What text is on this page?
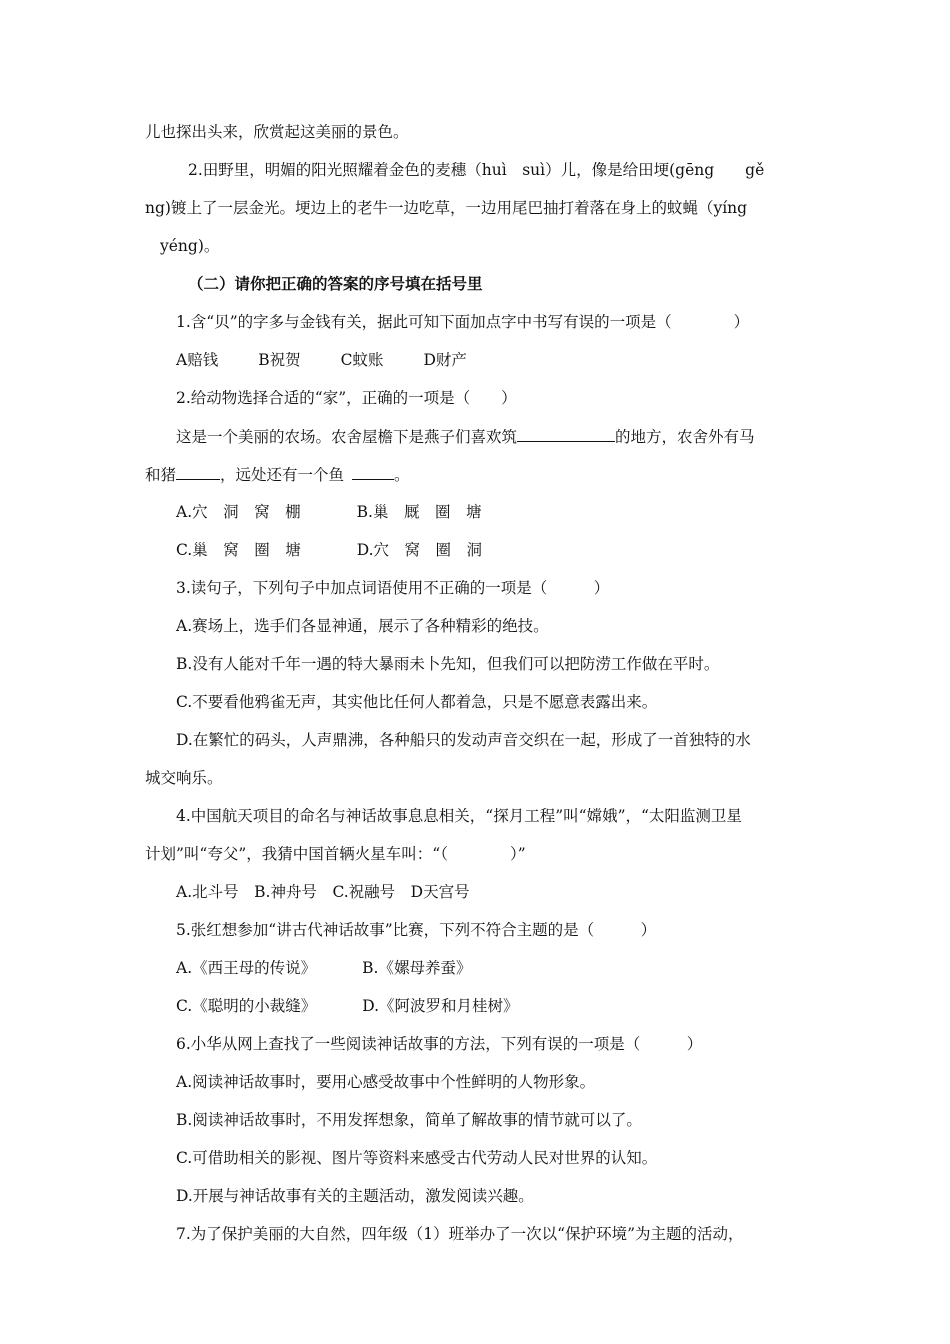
儿也探出头来，欣赏起这美丽的景色。
2.田野里，明媚的阳光照耀着金色的麦穗（huì　suì）儿，像是给田埂(gēng　　gě
ng)镀上了一层金光。埂边上的老牛一边吃草，一边用尾巴抽打着落在身上的蚊蝇（yíng
yéng)。
（二）请你把正确的答案的序号填在括号里
1.含“贝”的字多与金钱有关，据此可知下面加点字中书写有误的一项是（　　　　）
A赔钱	B祝贺	C蚊账	D财产
2.给动物选择合适的“家”，正确的一项是（　　）
这是一个美丽的农场。农舍屋檐下是燕子们喜欢筑	的地方，农舍外有马
和猪	，远处还有一个鱼	。
A.穴　洞　窝　棚	B.巢　厩　圈　塘
C.巢　窝　圈　塘	D.穴　窝　圈　洞
3.读句子，下列句子中加点词语使用不正确的一项是（　　　）
A.赛场上，选手们各显神通，展示了各种精彩的绝技。
B.没有人能对千年一遇的特大暴雨未卜先知，但我们可以把防涝工作做在平时。
C.不要看他鸦雀无声，其实他比任何人都着急，只是不愿意表露出来。
D.在繁忙的码头，人声鼎沸，各种船只的发动声音交织在一起，形成了一首独特的水
城交响乐。
4.中国航天项目的命名与神话故事息息相关，“探月工程”叫“嫦娥”，“太阳监测卫星
计划”叫“夸父”，我猜中国首辆火星车叫：“（　　　　）”
A.北斗号　B.神舟号　C.祝融号　D天宫号
5.张红想参加“讲古代神话故事”比赛，下列不符合主题的是（　　　）
A.《西王母的传说》	B.《嫘母养蚕》
C.《聪明的小裁缝》	D.《阿波罗和月桂树》
6.小华从网上查找了一些阅读神话故事的方法，下列有误的一项是（　　　）
A.阅读神话故事时，要用心感受故事中个性鲜明的人物形象。
B.阅读神话故事时，不用发挥想象，简单了解故事的情节就可以了。
C.可借助相关的影视、图片等资料来感受古代劳动人民对世界的认知。
D.开展与神话故事有关的主题活动，激发阅读兴趣。
7.为了保护美丽的大自然，四年级（1）班举办了一次以“保护环境”为主题的活动，
